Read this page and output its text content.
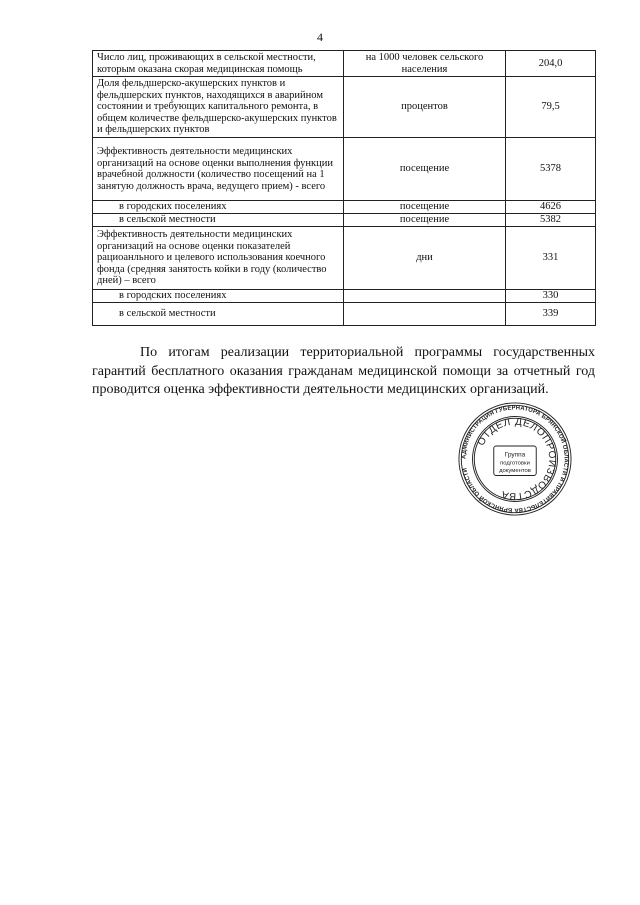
4
Число лиц, проживающих в сельской местности, которым оказана скорая медицинская помощь	на 1000 человек сельского населения	204,0
Доля фельдшерско-акушерских пунктов и фельдшерских пунктов, находящихся в аварийном состоянии и требующих капитального ремонта, в общем количестве фельдшерско-акушерских пунктов и фельдшерских пунктов	процентов	79,5
Эффективность деятельности медицинских организаций на основе оценки выполнения функции врачебной должности (количество посещений на 1 занятую должность врача, ведущего прием) - всего	посещение	5378
в городских поселениях	посещение	4626
в сельской местности	посещение	5382
Эффективность деятельности медицинских организаций на основе оценки показателей рациоанльного и целевого использования коечного фонда (средняя занятость койки в году (количество дней) – всего	дни	331
в городских поселениях		330
в сельской местности		339

По итогам реализации территориальной программы государственных гарантий бесплатного оказания гражданам медицинской помощи за отчетный год проводится оценка эффективности деятельности медицинских организаций.

АДМИНИСТРАЦИЯ ГУБЕРНАТОРА БРЯНСКОЙ ОБЛАСТИ И ПРАВИТЕЛЬСТВА БРЯНСКОЙ ОБЛАСТИ
ОТДЕЛ ДЕЛОПРОИЗВОДСТВА
Группа
подготовки
документов
